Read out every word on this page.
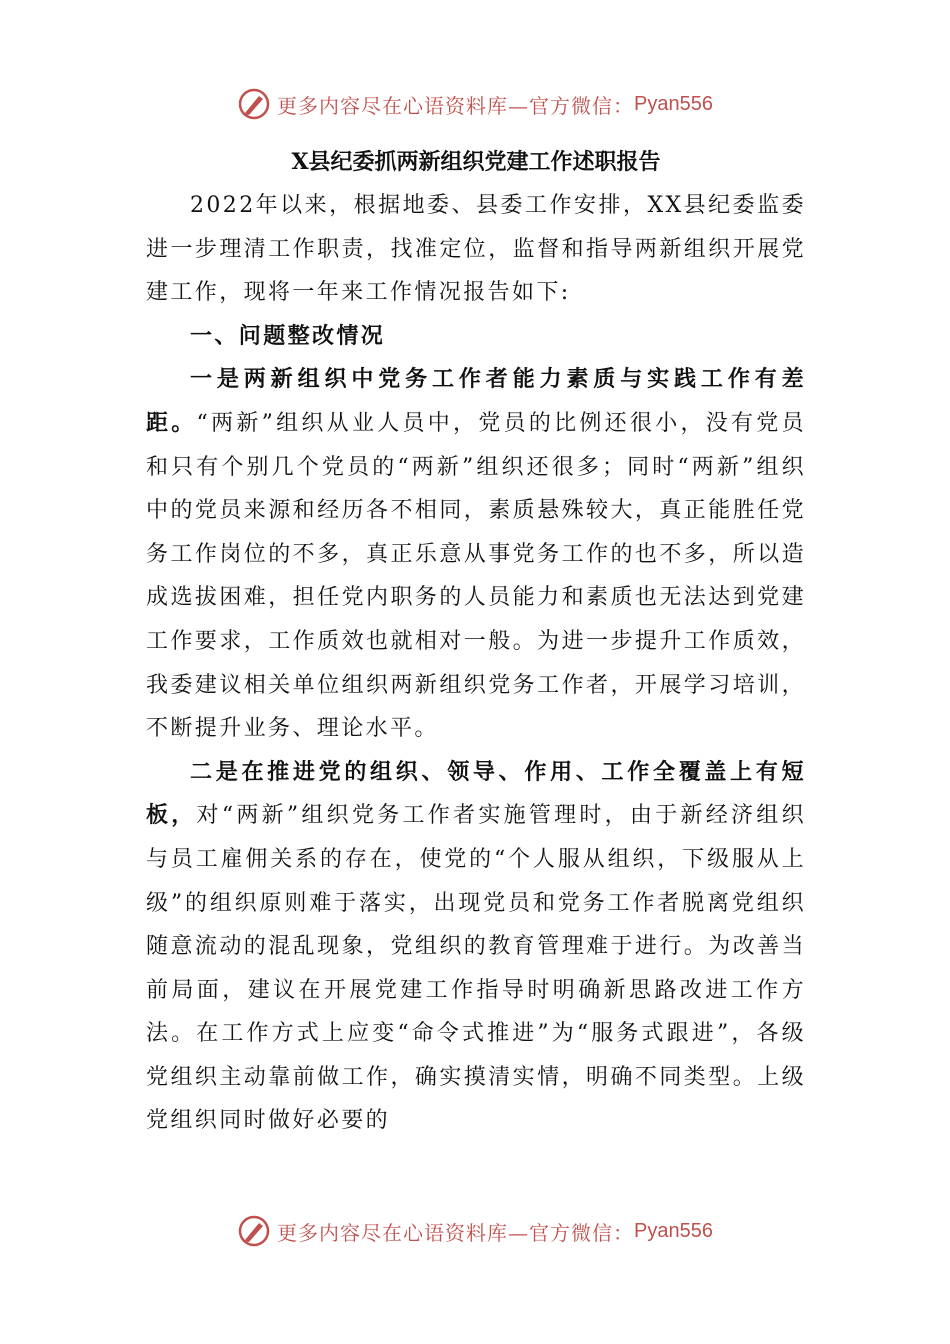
更多内容尽在心语资料库—官方微信： Pyan556
X县纪委抓两新组织党建工作述职报告

2022年以来，根据地委、县委工作安排，XX县纪委监委进一步理清工作职责，找准定位，监督和指导两新组织开展党建工作，现将一年来工作情况报告如下:

一、问题整改情况

一是两新组织中党务工作者能力素质与实践工作有差距。“两新”组织从业人员中，党员的比例还很小，没有党员和只有个别几个党员的“两新”组织还很多；同时“两新”组织中的党员来源和经历各不相同，素质悬殊较大，真正能胜任党务工作岗位的不多，真正乐意从事党务工作的也不多，所以造成选拔困难，担任党内职务的人员能力和素质也无法达到党建工作要求，工作质效也就相对一般。为进一步提升工作质效，我委建议相关单位组织两新组织党务工作者，开展学习培训，不断提升业务、理论水平。

二是在推进党的组织、领导、作用、工作全覆盖上有短板，对“两新”组织党务工作者实施管理时，由于新经济组织与员工雇佣关系的存在，使党的“个人服从组织，下级服从上级”的组织原则难于落实，出现党员和党务工作者脱离党组织随意流动的混乱现象，党组织的教育管理难于进行。为改善当前局面，建议在开展党建工作指导时明确新思路改进工作方法。在工作方式上应变“命令式推进”为“服务式跟进”，各级党组织主动靠前做工作，确实摸清实情，明确不同类型。上级党组织同时做好必要的

更多内容尽在心语资料库—官方微信： Pyan556
